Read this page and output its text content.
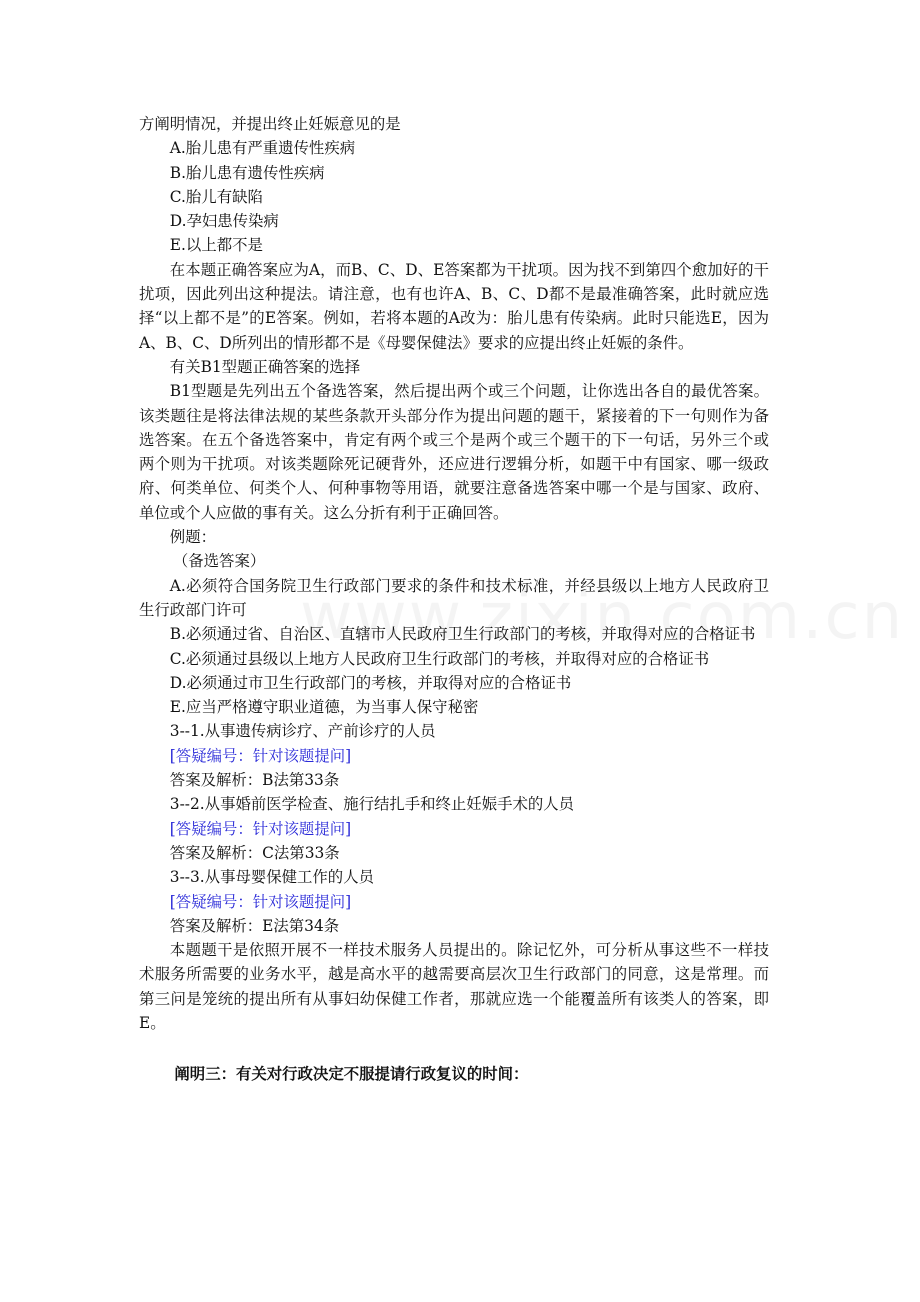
方阐明情况，并提出终止妊娠意见的是
A.胎儿患有严重遗传性疾病
B.胎儿患有遗传性疾病
C.胎儿有缺陷
D.孕妇患传染病
E.以上都不是
在本题正确答案应为A，而B、C、D、E答案都为干扰项。因为找不到第四个愈加好的干扰项，因此列出这种提法。请注意，也有也许A、B、C、D都不是最准确答案，此时就应选择“以上都不是”的E答案。例如，若将本题的A改为：胎儿患有传染病。此时只能选E，因为A、B、C、D所列出的情形都不是《母婴保健法》要求的应提出终止妊娠的条件。
有关B1型题正确答案的选择
B1型题是先列出五个备选答案，然后提出两个或三个问题，让你选出各自的最优答案。该类题往是将法律法规的某些条款开头部分作为提出问题的题干，紧接着的下一句则作为备选答案。在五个备选答案中，肯定有两个或三个是两个或三个题干的下一句话，另外三个或两个则为干扰项。对该类题除死记硬背外，还应进行逻辑分析，如题干中有国家、哪一级政府、何类单位、何类个人、何种事物等用语，就要注意备选答案中哪一个是与国家、政府、单位或个人应做的事有关。这么分折有利于正确回答。
例题：
（备选答案）
A.必须符合国务院卫生行政部门要求的条件和技术标准，并经县级以上地方人民政府卫生行政部门许可
B.必须通过省、自治区、直辖市人民政府卫生行政部门的考核，并取得对应的合格证书
C.必须通过县级以上地方人民政府卫生行政部门的考核，并取得对应的合格证书
D.必须通过市卫生行政部门的考核，并取得对应的合格证书
E.应当严格遵守职业道德，为当事人保守秘密
3--1.从事遗传病诊疗、产前诊疗的人员
[答疑编号：针对该题提问]
答案及解析：B法第33条
3--2.从事婚前医学检查、施行结扎手和终止妊娠手术的人员
[答疑编号：针对该题提问]
答案及解析：C法第33条
3--3.从事母婴保健工作的人员
[答疑编号：针对该题提问]
答案及解析：E法第34条
本题题干是依照开展不一样技术服务人员提出的。除记忆外，可分析从事这些不一样技术服务所需要的业务水平，越是高水平的越需要高层次卫生行政部门的同意，这是常理。而第三问是笼统的提出所有从事妇幼保健工作者，那就应选一个能覆盖所有该类人的答案，即E。
阐明三：有关对行政决定不服提请行政复议的时间：
